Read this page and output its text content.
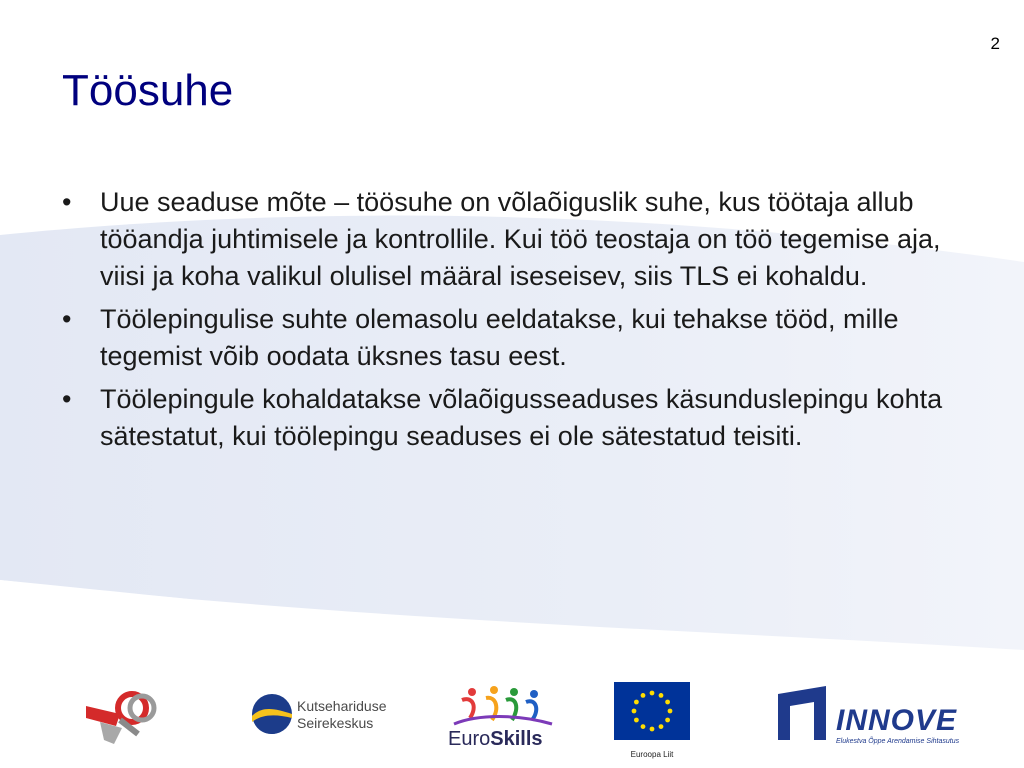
2
Töösuhe
•	Uue seaduse mõte – töösuhe on võlaõiguslik suhe, kus töötaja allub tööandja juhtimisele ja kontrollile. Kui töö teostaja on töö tegemise aja, viisi ja koha valikul olulisel määral iseseisev, siis TLS ei kohaldu.
•	Töölepingulise suhte olemasolu eeldatakse, kui tehakse tööd, mille tegemist võib oodata üksnes tasu eest.
•	Töölepingule kohaldatakse võlaõigusseaduses käsunduslepingu kohta sätestatut, kui töölepingu seaduses ei ole sätestatud teisiti.
Kutsehariduse
Seirekeskus
EuroSkills
Euroopa Liit
INNOVE
Elukestva Õppe Arendamise Sihtasutus
